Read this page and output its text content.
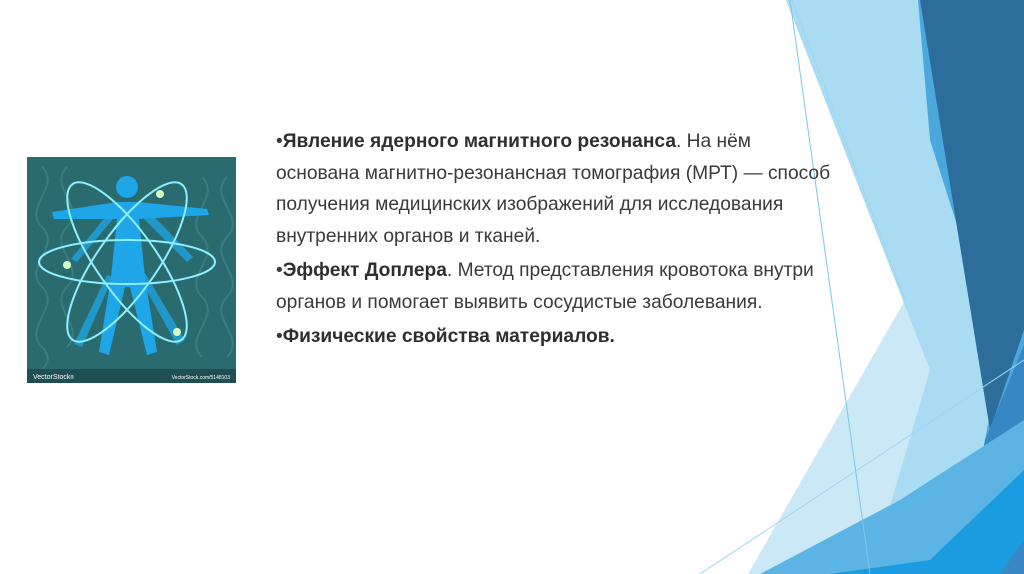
VectorStock®	VectorStock.com/5148103

•Явление ядерного магнитного резонанса. На нём основана магнитно-резонансная томография (МРТ) — способ получения медицинских изображений для исследования внутренних органов и тканей.

•Эффект Доплера. Метод представления кровотока внутри органов и помогает выявить сосудистые заболевания.

•Физические свойства материалов.
